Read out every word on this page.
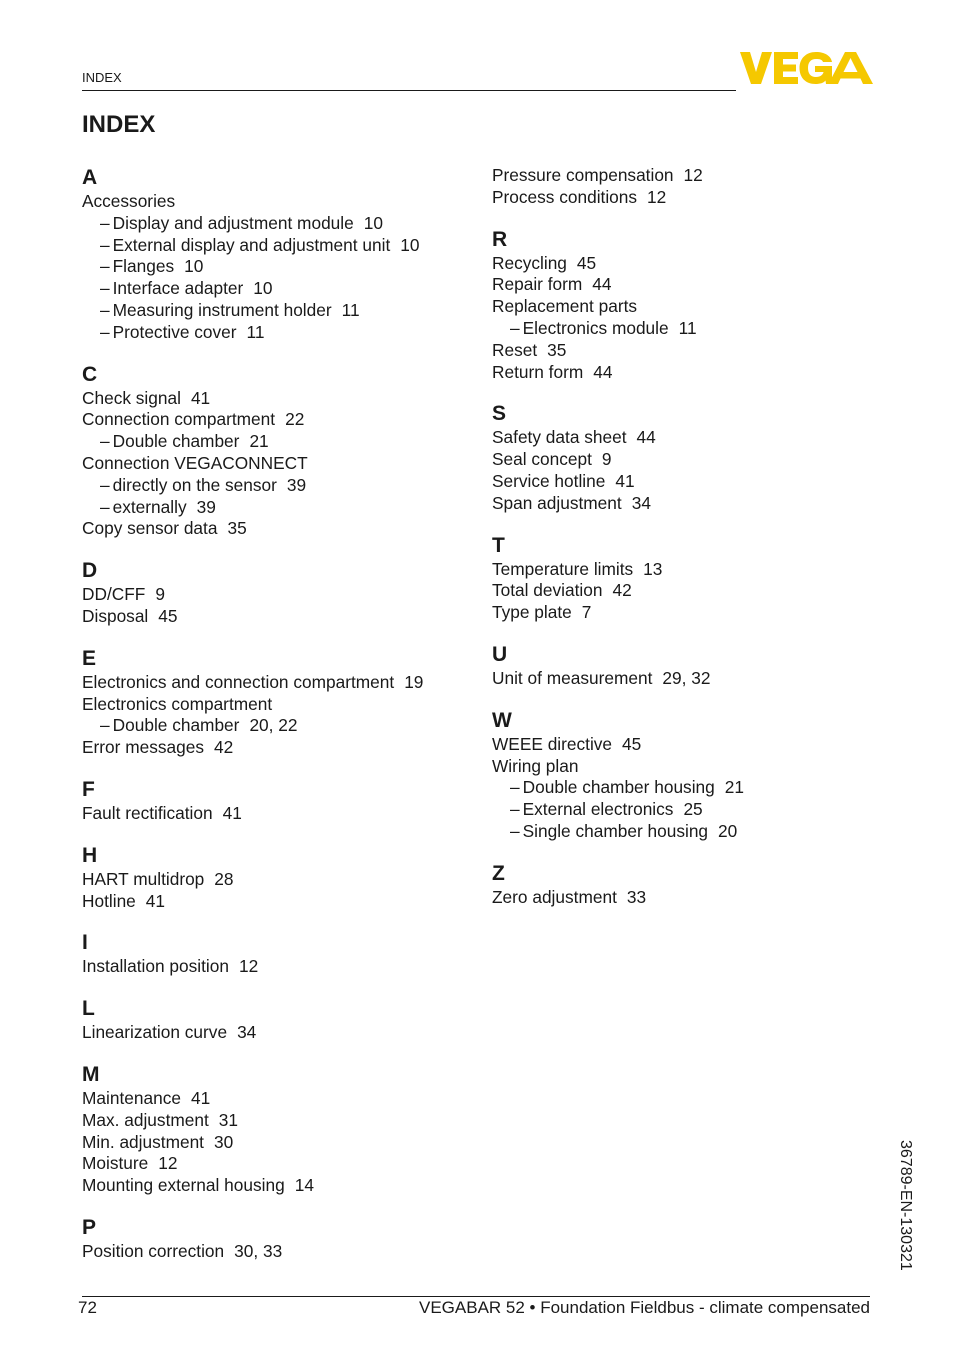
INDEX
INDEX
A
Accessories
– Display and adjustment module 10
– External display and adjustment unit 10
– Flanges 10
– Interface adapter 10
– Measuring instrument holder 11
– Protective cover 11
C
Check signal 41
Connection compartment 22
– Double chamber 21
Connection VEGACONNECT
– directly on the sensor 39
– externally 39
Copy sensor data 35
D
DD/CFF 9
Disposal 45
E
Electronics and connection compartment 19
Electronics compartment
– Double chamber 20, 22
Error messages 42
F
Fault rectification 41
H
HART multidrop 28
Hotline 41
I
Installation position 12
L
Linearization curve 34
M
Maintenance 41
Max. adjustment 31
Min. adjustment 30
Moisture 12
Mounting external housing 14
P
Position correction 30, 33
Pressure compensation 12
Process conditions 12
R
Recycling 45
Repair form 44
Replacement parts
– Electronics module 11
Reset 35
Return form 44
S
Safety data sheet 44
Seal concept 9
Service hotline 41
Span adjustment 34
T
Temperature limits 13
Total deviation 42
Type plate 7
U
Unit of measurement 29, 32
W
WEEE directive 45
Wiring plan
– Double chamber housing 21
– External electronics 25
– Single chamber housing 20
Z
Zero adjustment 33
72	VEGABAR 52 • Foundation Fieldbus - climate compensated
36789-EN-130321
